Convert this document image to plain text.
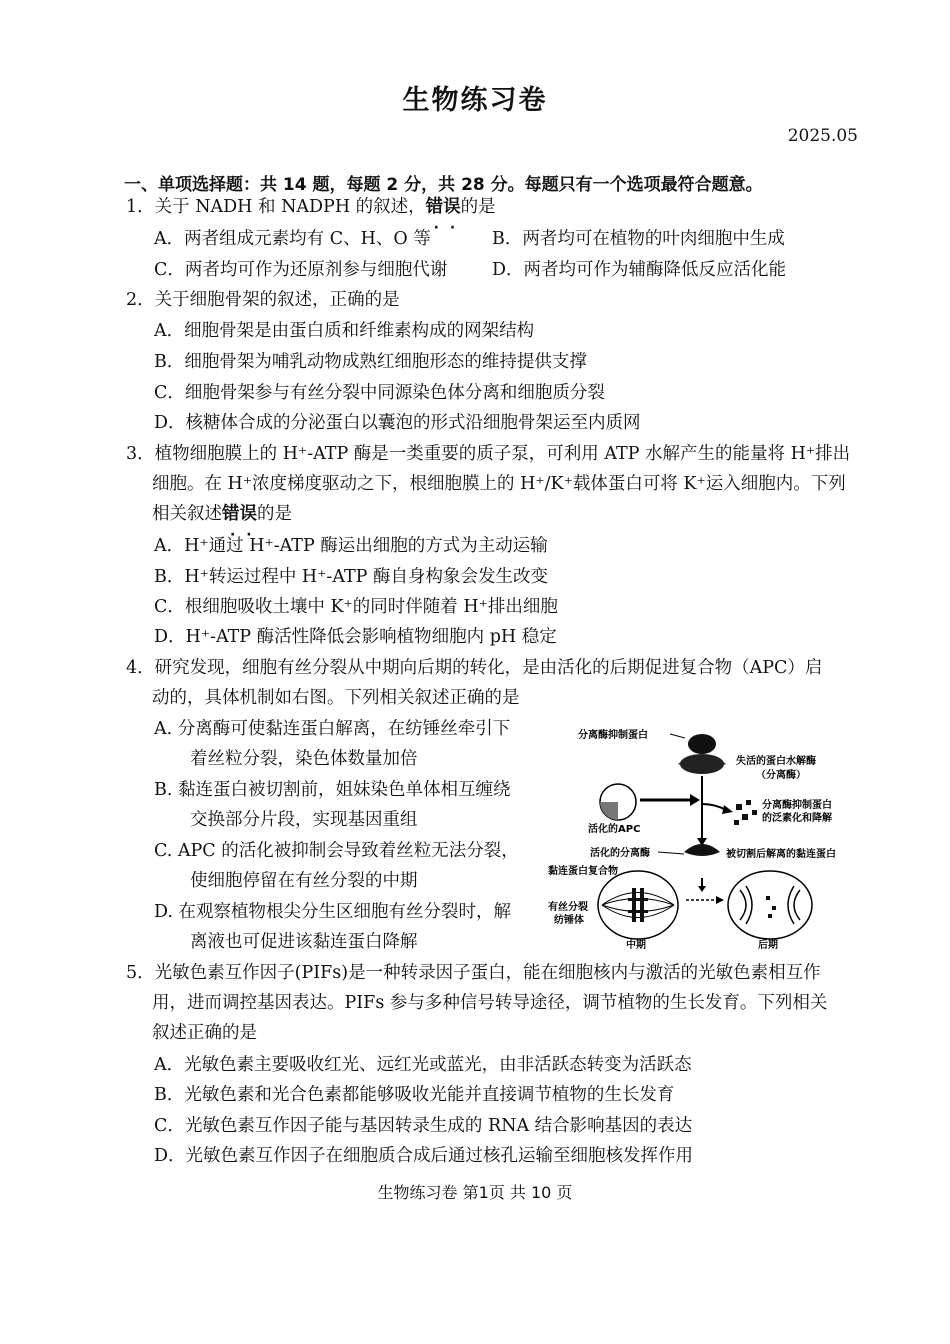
生物练习卷
2025.05
一、单项选择题：共 14 题，每题 2 分，共 28 分。每题只有一个选项最符合题意。
1．关于 NADH 和 NADPH 的叙述，错误 · ·的是
A．两者组成元素均有 C、H、O 等	B．两者均可在植物的叶肉细胞中生成
C．两者均可作为还原剂参与细胞代谢	D．两者均可作为辅酶降低反应活化能
2．关于细胞骨架的叙述，正确的是
A．细胞骨架是由蛋白质和纤维素构成的网架结构
B．细胞骨架为哺乳动物成熟红细胞形态的维持提供支撑
C．细胞骨架参与有丝分裂中同源染色体分离和细胞质分裂
D．核糖体合成的分泌蛋白以囊泡的形式沿细胞骨架运至内质网
3．植物细胞膜上的 H⁺-ATP 酶是一类重要的质子泵，可利用 ATP 水解产生的能量将 H⁺排出
细胞。在 H⁺浓度梯度驱动之下，根细胞膜上的 H⁺/K⁺载体蛋白可将 K⁺运入细胞内。下列
相关叙述错误 · ·的是
A．H⁺通过 H⁺-ATP 酶运出细胞的方式为主动运输
B．H⁺转运过程中 H⁺-ATP 酶自身构象会发生改变
C．根细胞吸收土壤中 K⁺的同时伴随着 H⁺排出细胞
D．H⁺-ATP 酶活性降低会影响植物细胞内 pH 稳定
4．研究发现，细胞有丝分裂从中期向后期的转化，是由活化的后期促进复合物（APC）启
动的，具体机制如右图。下列相关叙述正确的是
A. 分离酶可使黏连蛋白解离，在纺锤丝牵引下
着丝粒分裂，染色体数量加倍
B. 黏连蛋白被切割前，姐妹染色单体相互缠绕
交换部分片段，实现基因重组
C. APC 的活化被抑制会导致着丝粒无法分裂，
使细胞停留在有丝分裂的中期
D. 在观察植物根尖分生区细胞有丝分裂时，解
离液也可促进该黏连蛋白降解
分离酶抑制蛋白
失活的蛋白水解酶
（分离酶）
活化的APC
分离酶抑制蛋白
的泛素化和降解
活化的分离酶	被切割后解离的黏连蛋白
黏连蛋白复合物
有丝分裂
纺锤体
中期	后期
5．光敏色素互作因子(PIFs)是一种转录因子蛋白，能在细胞核内与激活的光敏色素相互作
用，进而调控基因表达。PIFs 参与多种信号转导途径，调节植物的生长发育。下列相关
叙述正确的是
A．光敏色素主要吸收红光、远红光或蓝光，由非活跃态转变为活跃态
B．光敏色素和光合色素都能够吸收光能并直接调节植物的生长发育
C．光敏色素互作因子能与基因转录生成的 RNA 结合影响基因的表达
D．光敏色素互作因子在细胞质合成后通过核孔运输至细胞核发挥作用
生物练习卷 第1页 共 10 页
